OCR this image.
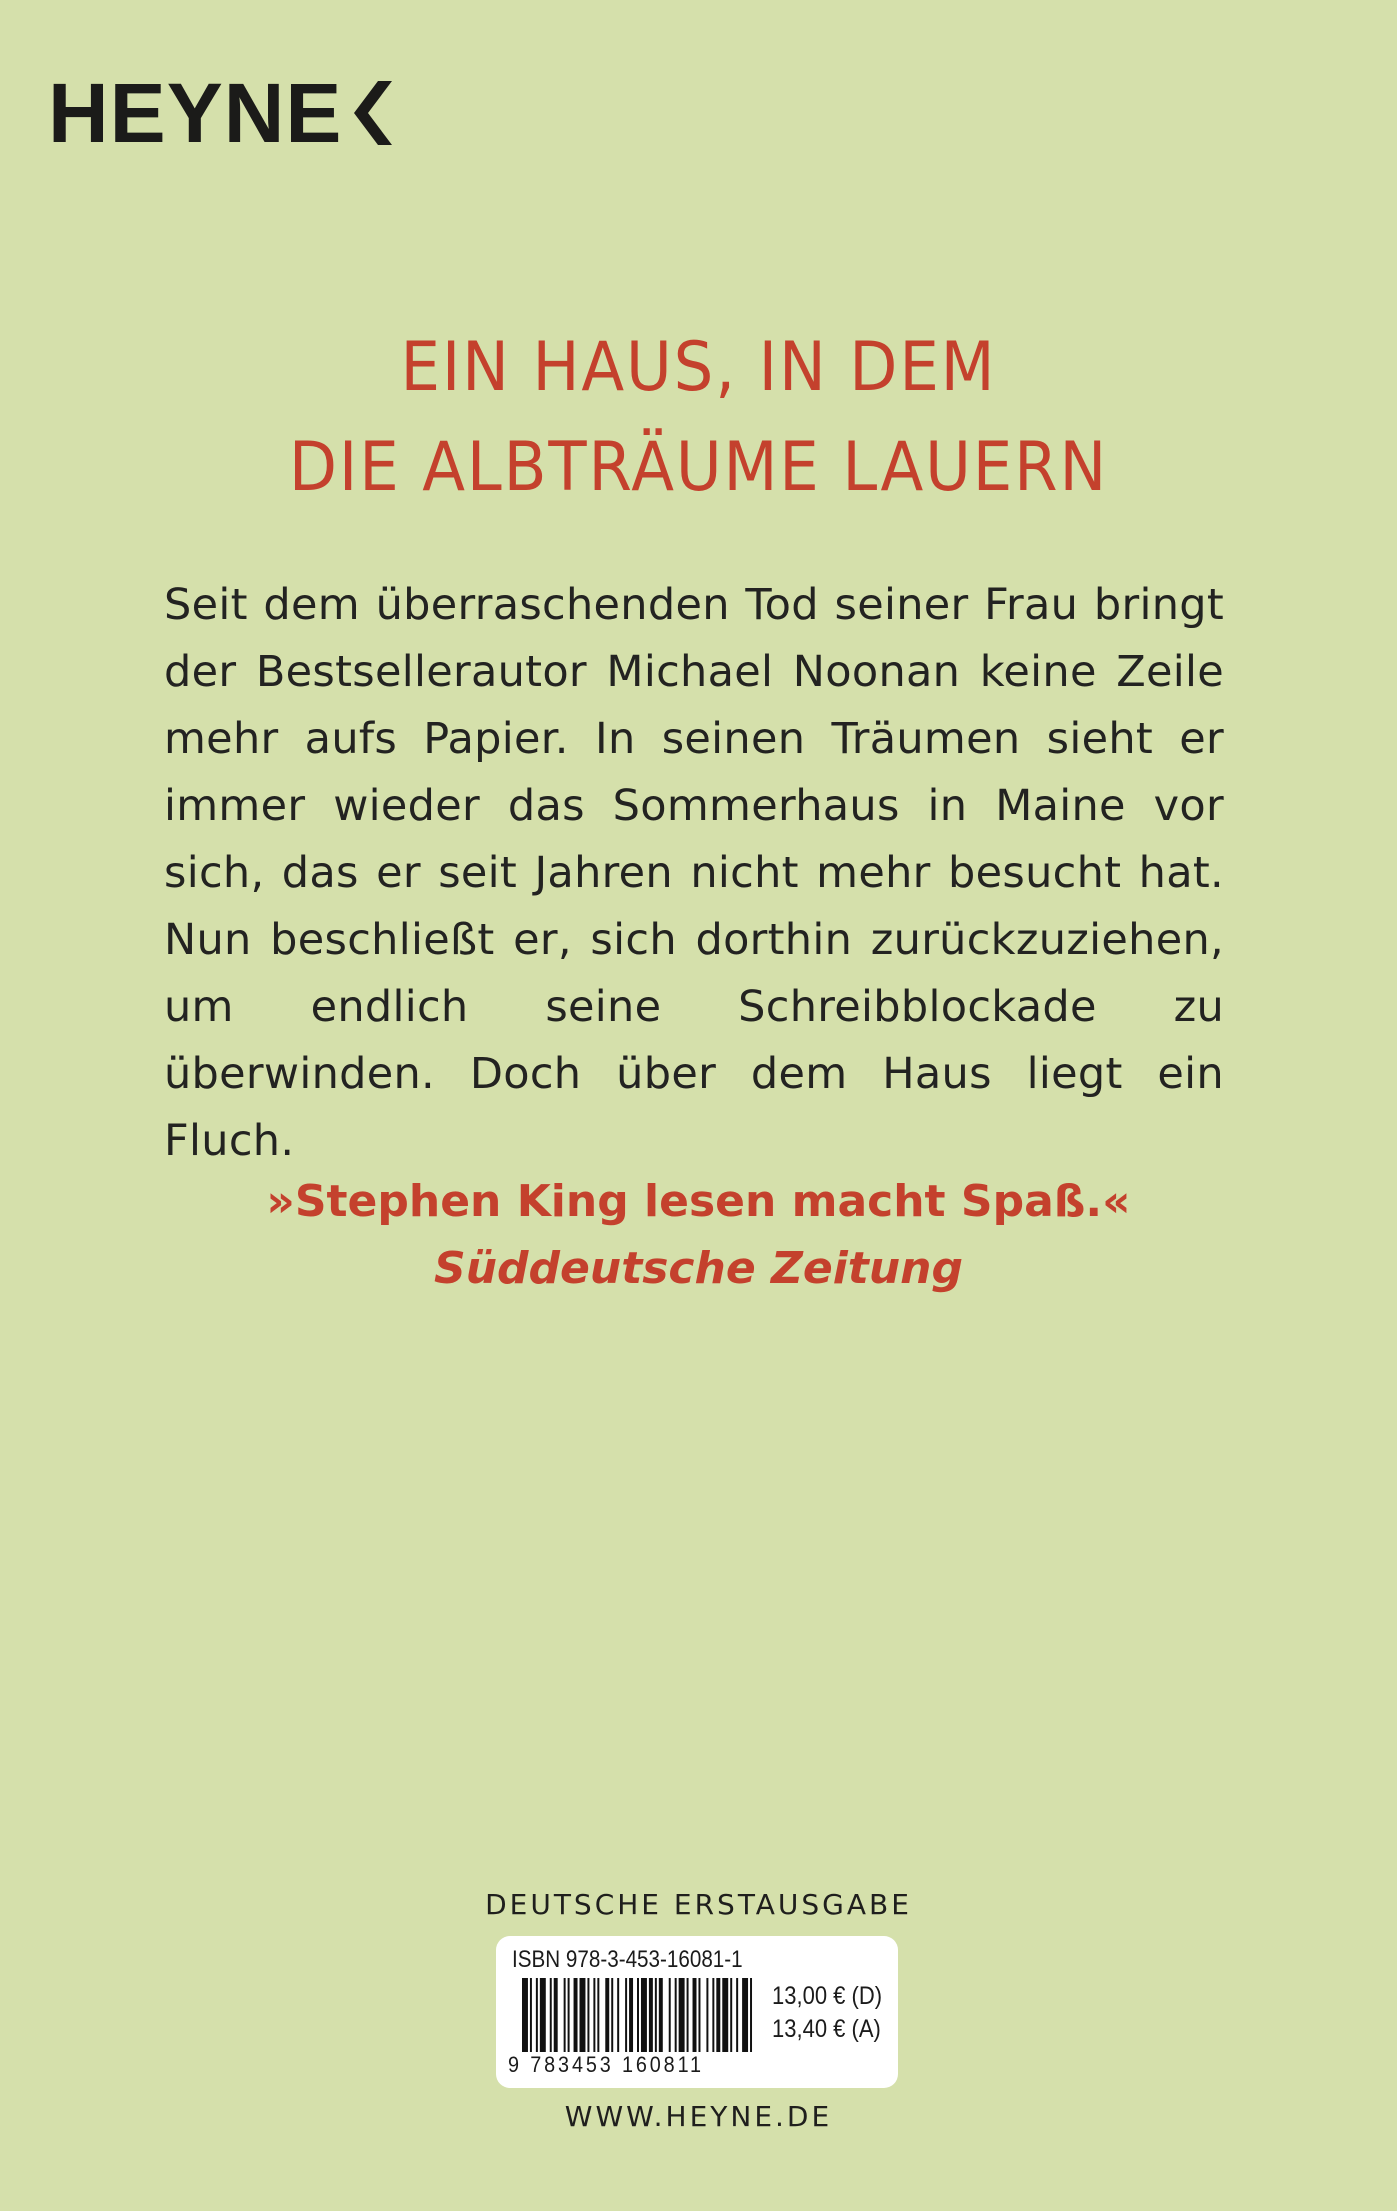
HEYNE
EIN HAUS, IN DEM
DIE ALBTRÄUME LAUERN
Seit dem überraschenden Tod seiner Frau bringt der Bestsellerautor Michael Noonan keine Zeile mehr aufs Papier. In seinen Träumen sieht er immer wieder das Sommerhaus in Maine vor sich, das er seit Jahren nicht mehr besucht hat. Nun beschließt er, sich dorthin zurückzuziehen, um endlich seine Schreibblockade zu überwinden. Doch über dem Haus liegt ein Fluch.
»Stephen King lesen macht Spaß.«
Süddeutsche Zeitung
DEUTSCHE ERSTAUSGABE
ISBN 978-3-453-16081-1
9 783453 160811
13,00 € (D)
13,40 € (A)
WWW.HEYNE.DE
